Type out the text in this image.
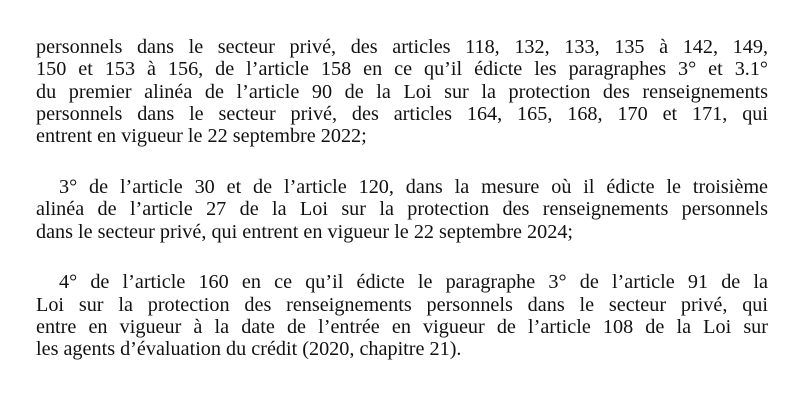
personnels dans le secteur privé, des articles 118, 132, 133, 135 à 142, 149,
150 et 153 à 156, de l’article 158 en ce qu’il édicte les paragraphes 3° et 3.1°
du premier alinéa de l’article 90 de la Loi sur la protection des renseignements
personnels dans le secteur privé, des articles 164, 165, 168, 170 et 171, qui
entrent en vigueur le 22 septembre 2022;
3° de l’article 30 et de l’article 120, dans la mesure où il édicte le troisième
alinéa de l’article 27 de la Loi sur la protection des renseignements personnels
dans le secteur privé, qui entrent en vigueur le 22 septembre 2024;
4° de l’article 160 en ce qu’il édicte le paragraphe 3° de l’article 91 de la
Loi sur la protection des renseignements personnels dans le secteur privé, qui
entre en vigueur à la date de l’entrée en vigueur de l’article 108 de la Loi sur
les agents d’évaluation du crédit (2020, chapitre 21).
